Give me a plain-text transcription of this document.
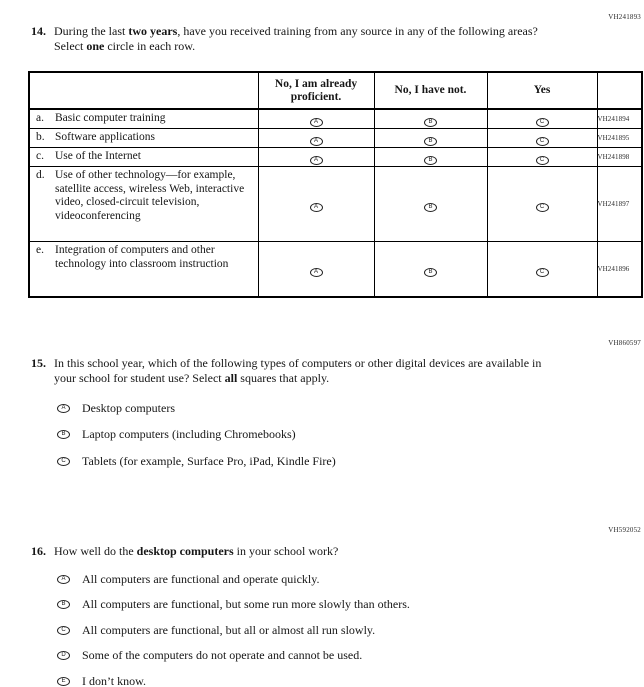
VH241893
14. During the last two years, have you received training from any source in any of the following areas? Select one circle in each row.
	No, I am already proficient.	No, I have not.	Yes	

a. Basic computer training	A	B	C	VH241894

b. Software applications	A	B	C	VH241895

c. Use of the Internet	A	B	C	VH241898

d. Use of other technology—for example, satellite access, wireless Web, interactive video, closed-circuit television, videoconferencing	A	B	C	VH241897

e. Integration of computers and other technology into classroom instruction	A	B	C	VH241896
VH860597
15. In this school year, which of the following types of computers or other digital devices are available in your school for student use? Select all squares that apply.
A	Desktop computers
B	Laptop computers (including Chromebooks)
C	Tablets (for example, Surface Pro, iPad, Kindle Fire)
VH592052
16. How well do the desktop computers in your school work?
A	All computers are functional and operate quickly.
B	All computers are functional, but some run more slowly than others.
C	All computers are functional, but all or almost all run slowly.
D	Some of the computers do not operate and cannot be used.
E	I don’t know.
